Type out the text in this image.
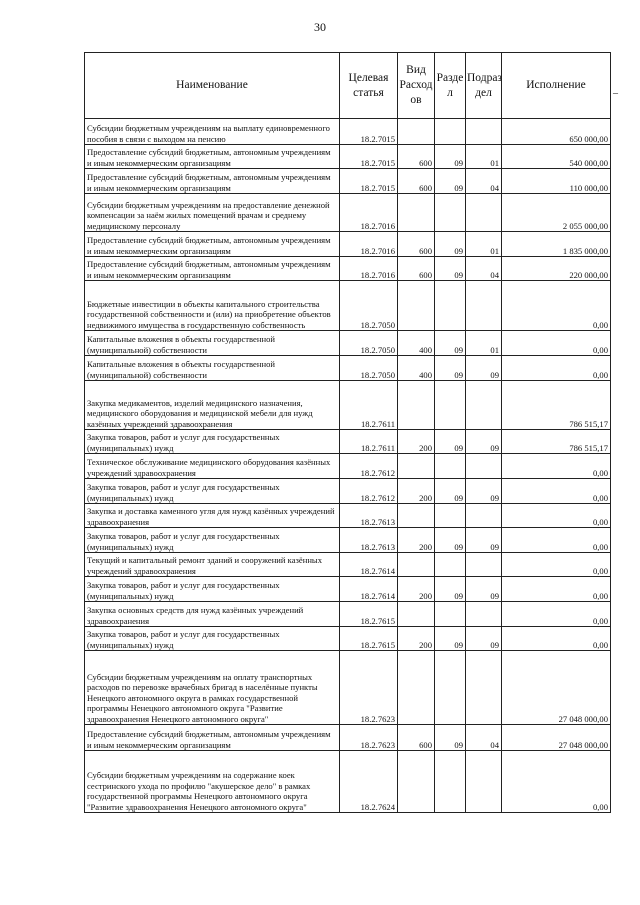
30
–
Наименование	Целевая статья	Вид Расход ов	Разде л	Подраз дел	Исполнение
Субсидии бюджетным учреждениям на выплату единовременного пособия в связи с выходом на пенсию	18.2.7015				650 000,00
Предоставление субсидий бюджетным, автономным учреждениям и иным некоммерческим организациям	18.2.7015	600	09	01	540 000,00
Предоставление субсидий бюджетным, автономным учреждениям и иным некоммерческим организациям	18.2.7015	600	09	04	110 000,00
Субсидии бюджетным учреждениям на предоставление денежной компенсации за наём жилых помещений врачам и среднему медицинскому персоналу	18.2.7016				2 055 000,00
Предоставление субсидий бюджетным, автономным учреждениям и иным некоммерческим организациям	18.2.7016	600	09	01	1 835 000,00
Предоставление субсидий бюджетным, автономным учреждениям и иным некоммерческим организациям	18.2.7016	600	09	04	220 000,00
Бюджетные инвестиции в объекты капитального строительства государственной собственности и (или) на приобретение объектов недвижимого имущества в государственную собственность	18.2.7050				0,00
Капитальные вложения в объекты государственной (муниципальной) собственности	18.2.7050	400	09	01	0,00
Капитальные вложения в объекты государственной (муниципальной) собственности	18.2.7050	400	09	09	0,00
Закупка медикаментов, изделий медицинского назначения, медицинского оборудования и медицинской мебели для нужд казённых учреждений здравоохранения	18.2.7611				786 515,17
Закупка товаров, работ и услуг для государственных (муниципальных) нужд	18.2.7611	200	09	09	786 515,17
Техническое обслуживание медицинского оборудования казённых учреждений здравоохранения	18.2.7612				0,00
Закупка товаров, работ и услуг для государственных (муниципальных) нужд	18.2.7612	200	09	09	0,00
Закупка и доставка каменного угля для нужд казённых учреждений здравоохранения	18.2.7613				0,00
Закупка товаров, работ и услуг для государственных (муниципальных) нужд	18.2.7613	200	09	09	0,00
Текущий и капитальный ремонт зданий и сооружений казённых учреждений здравоохранения	18.2.7614				0,00
Закупка товаров, работ и услуг для государственных (муниципальных) нужд	18.2.7614	200	09	09	0,00
Закупка основных средств для нужд казённых учреждений здравоохранения	18.2.7615				0,00
Закупка товаров, работ и услуг для государственных (муниципальных) нужд	18.2.7615	200	09	09	0,00
Субсидии бюджетным учреждениям на оплату транспортных расходов по перевозке врачебных бригад в населённые пункты Ненецкого автономного округа в рамках государственной программы Ненецкого автономного округа "Развитие здравоохранения Ненецкого автономного округа"	18.2.7623				27 048 000,00
Предоставление субсидий бюджетным, автономным учреждениям и иным некоммерческим организациям	18.2.7623	600	09	04	27 048 000,00
Субсидии бюджетным учреждениям на содержание коек сестринского ухода по профилю "акушерское дело" в рамках государственной программы Ненецкого автономного округа "Развитие здравоохранения Ненецкого автономного округа"	18.2.7624				0,00
